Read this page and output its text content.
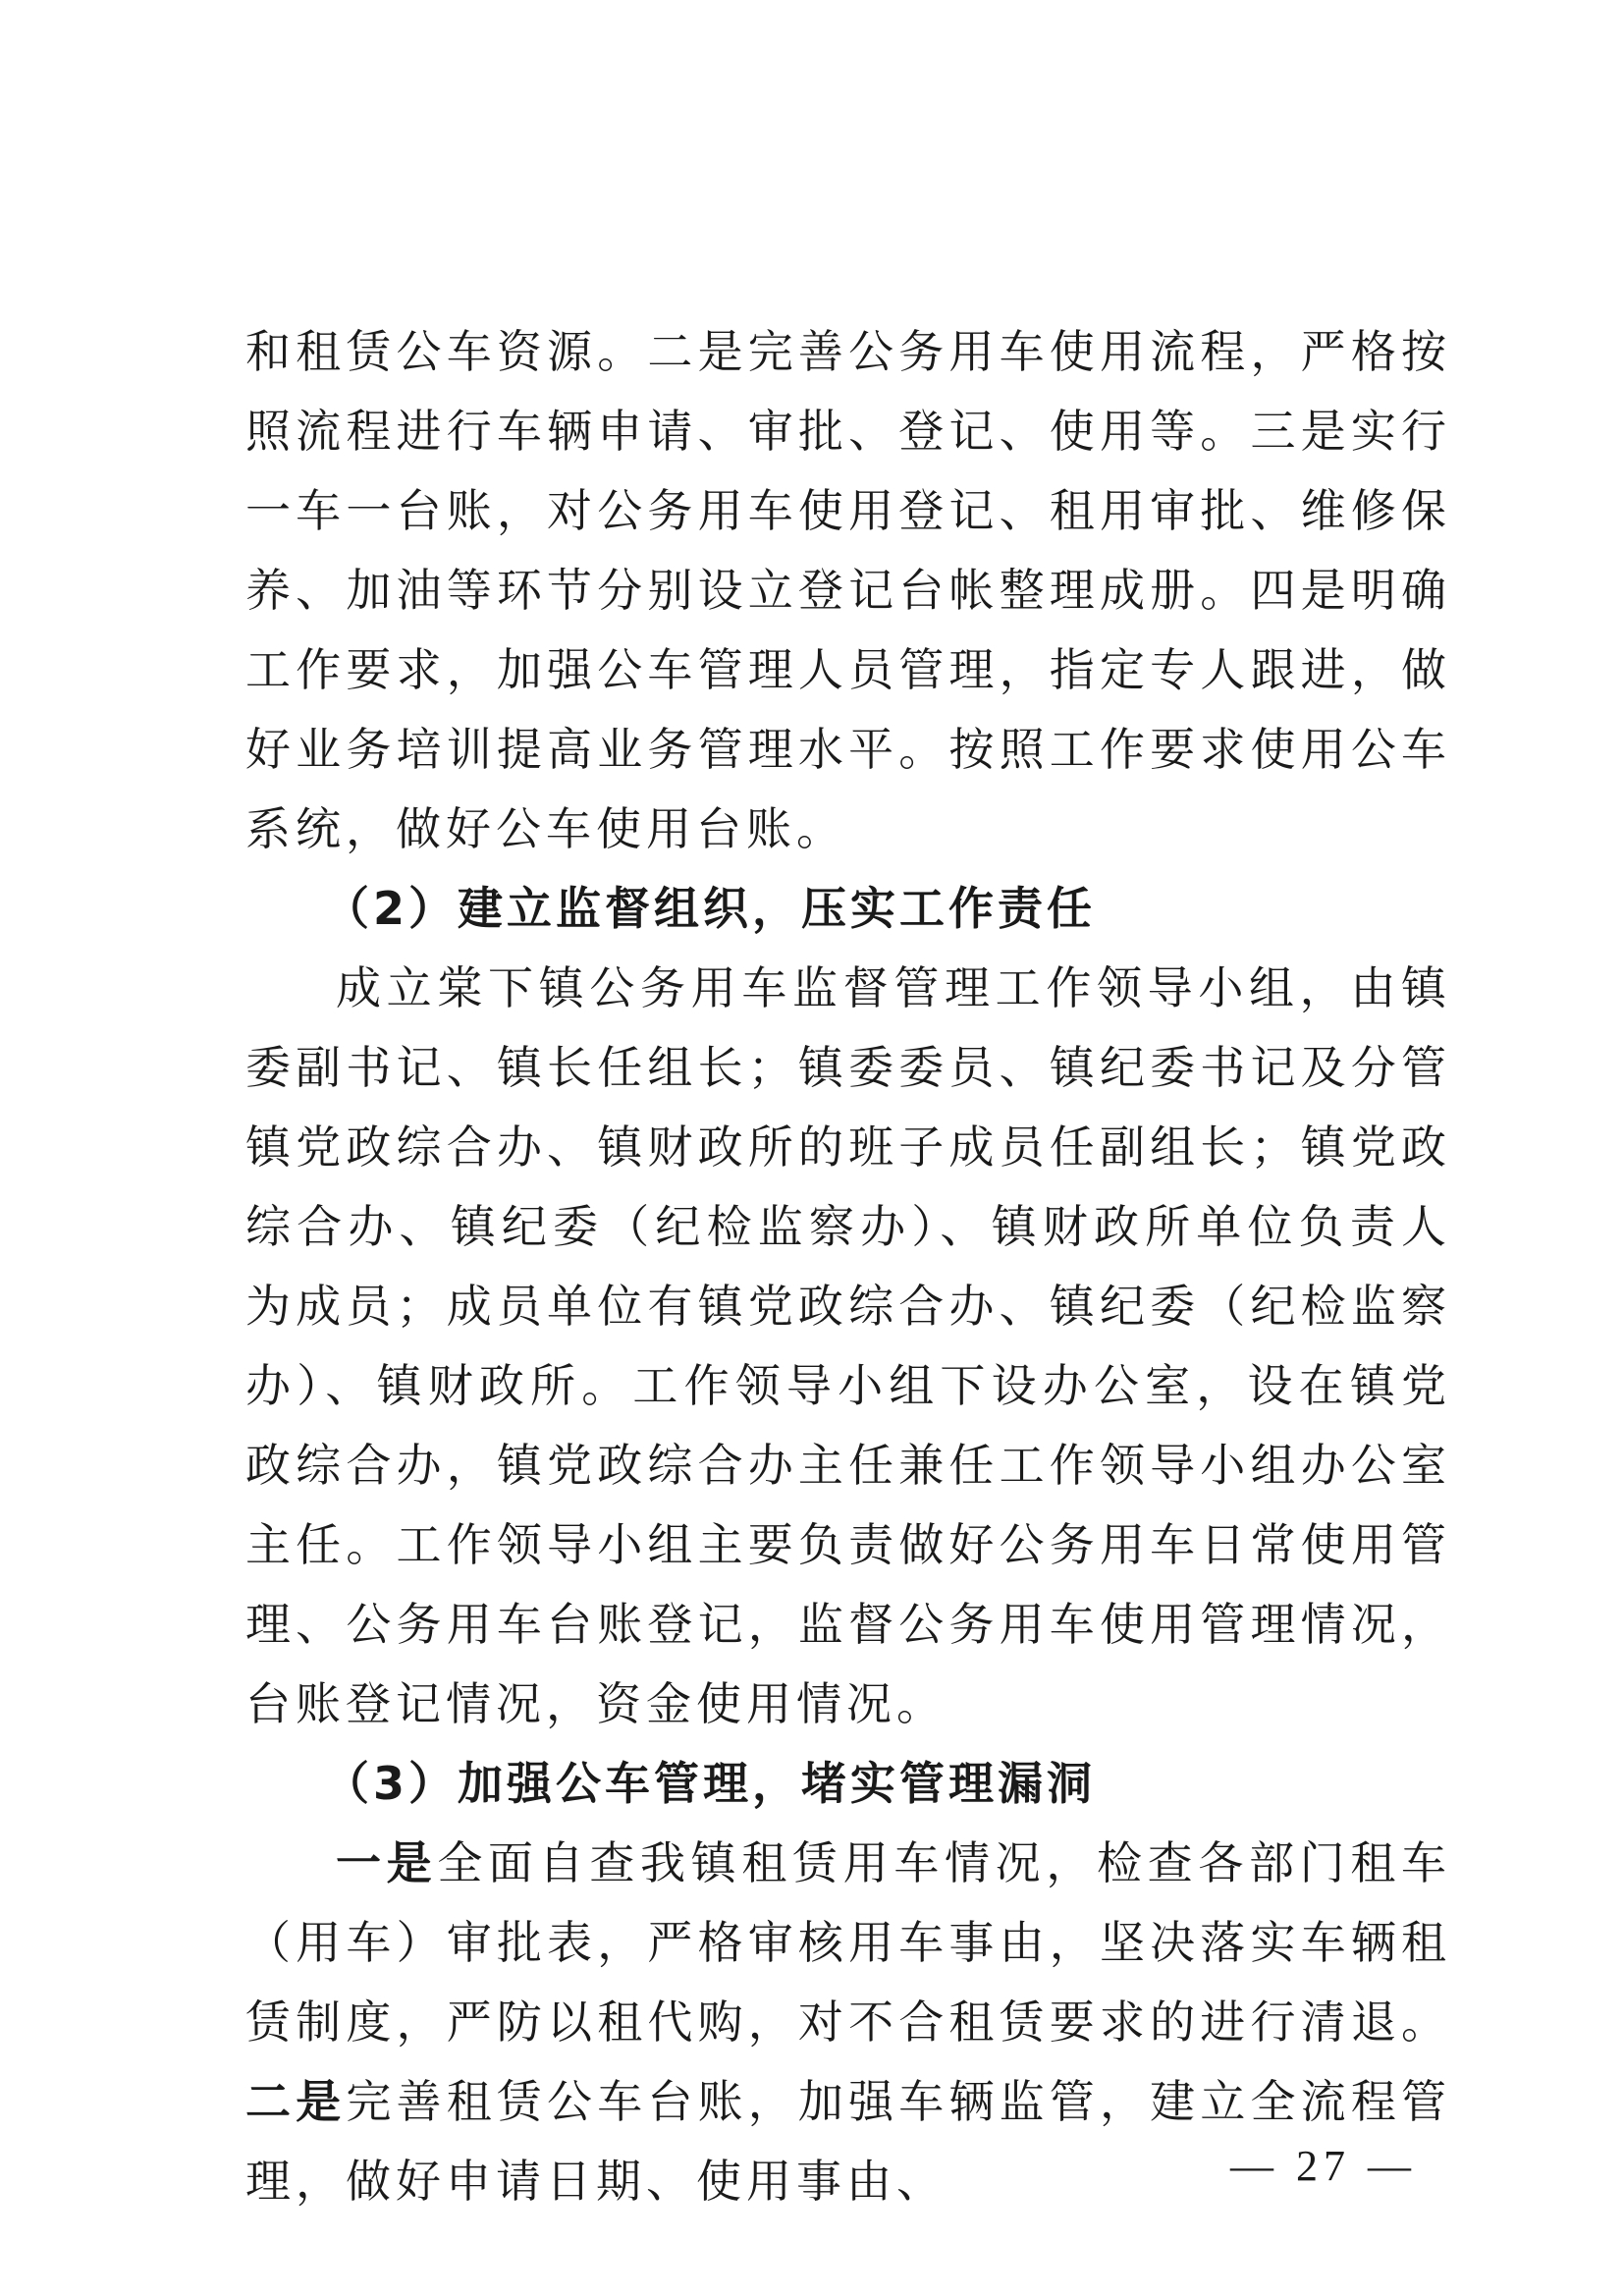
和租赁公车资源。二是完善公务用车使用流程，严格按照流程进行车辆申请、审批、登记、使用等。三是实行一车一台账，对公务用车使用登记、租用审批、维修保养、加油等环节分别设立登记台帐整理成册。四是明确工作要求，加强公车管理人员管理，指定专人跟进，做好业务培训提高业务管理水平。按照工作要求使用公车系统，做好公车使用台账。

（2）建立监督组织，压实工作责任

成立棠下镇公务用车监督管理工作领导小组，由镇委副书记、镇长任组长；镇委委员、镇纪委书记及分管镇党政综合办、镇财政所的班子成员任副组长；镇党政综合办、镇纪委（纪检监察办）、镇财政所单位负责人为成员；成员单位有镇党政综合办、镇纪委（纪检监察办）、镇财政所。工作领导小组下设办公室，设在镇党政综合办，镇党政综合办主任兼任工作领导小组办公室主任。工作领导小组主要负责做好公务用车日常使用管理、公务用车台账登记，监督公务用车使用管理情况，台账登记情况，资金使用情况。

（3）加强公车管理，堵实管理漏洞

一是全面自查我镇租赁用车情况，检查各部门租车（用车）审批表，严格审核用车事由，坚决落实车辆租赁制度，严防以租代购，对不合租赁要求的进行清退。二是完善租赁公车台账，加强车辆监管，建立全流程管理，做好申请日期、使用事由、	— 27 —
